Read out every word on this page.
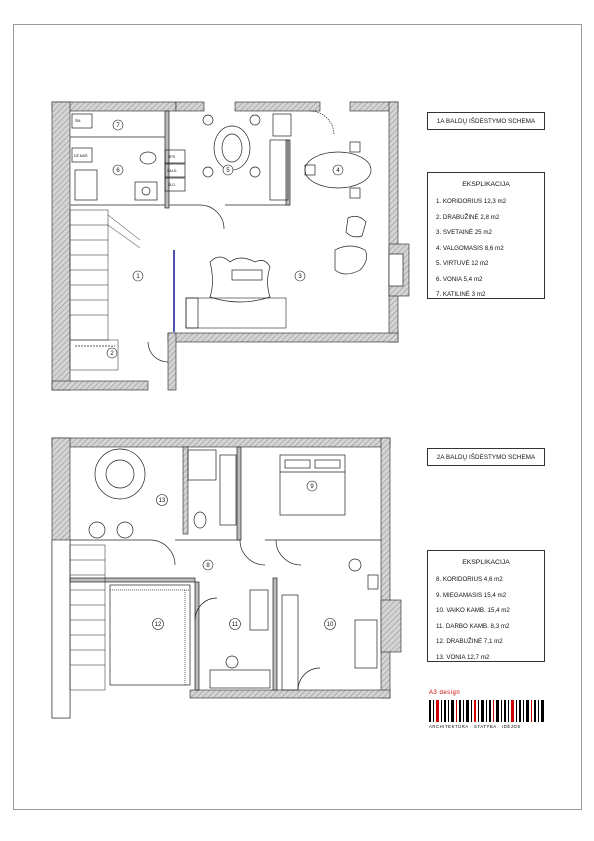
7
6	5	4
1	3
2
9
13
8
12	11	10
ŠM.
DŽ.MAŠ.	ŠPS.
ŠALD.
ŠLD.
1A BALDŲ IŠDĖSTYMO SCHEMA
EKSPLIKACIJA
1. KORIDORIUS 12,3 m2
2. DRABUŽINĖ 2,8 m2
3. SVETAINĖ 25 m2
4. VALGOMASIS 8,6 m2
5. VIRTUVĖ 12 m2
6. VONIA 5,4 m2
7. KATILINĖ 3 m2
2A BALDŲ IŠDĖSTYMO SCHEMA
EKSPLIKACIJA
8. KORIDORIUS 4,6 m2
9. MIEGAMASIS 15,4 m2
10. VAIKO KAMB. 15,4 m2
11. DARBO KAMB. 8,3 m2
12. DRABUŽINĖ 7,1 m2
13. VONIA 12,7 m2
A3 design
ARCHITEKTŪRA · STATYBA · IDĖJOS
